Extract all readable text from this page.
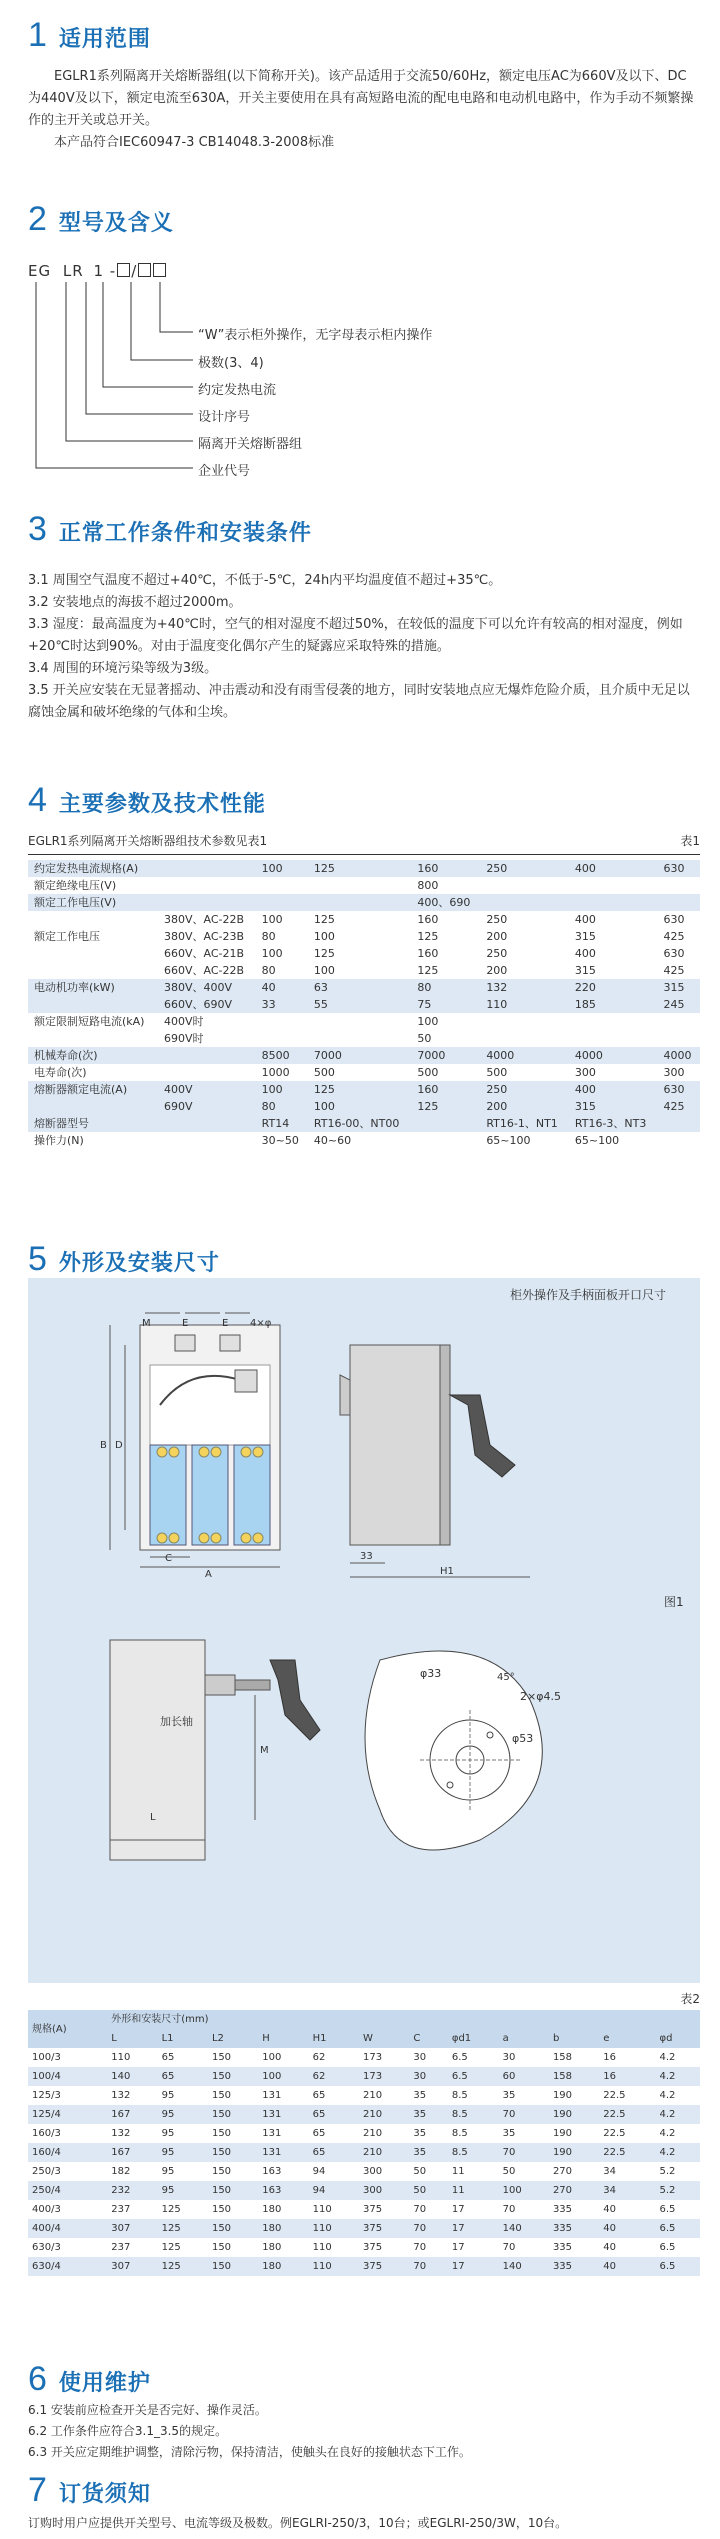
1 适用范围

EGLR1系列隔离开关熔断器组(以下简称开关)。该产品适用于交流50/60Hz，额定电压AC为660V及以下、DC为440V及以下，额定电流至630A，开关主要使用在具有高短路电流的配电电路和电动机电路中，作为手动不频繁操作的主开关或总开关。

本产品符合IEC60947-3 CB14048.3-2008标准

2 型号及含义
EG LR 1 - /
“W”表示柜外操作，无字母表示柜内操作
极数(3、4)
约定发热电流
设计序号
隔离开关熔断器组
企业代号
3 正常工作条件和安装条件

3.1 周围空气温度不超过+40℃，不低于-5℃，24h内平均温度值不超过+35℃。

3.2 安装地点的海拔不超过2000m。

3.3 湿度：最高温度为+40℃时，空气的相对湿度不超过50%，在较低的温度下可以允许有较高的相对湿度，例如+20℃时达到90%。对由于温度变化偶尔产生的疑露应采取特殊的措施。

3.4 周围的环境污染等级为3级。

3.5 开关应安装在无显著摇动、冲击震动和没有雨雪侵袭的地方，同时安装地点应无爆炸危险介质，且介质中无足以腐蚀金属和破坏绝缘的气体和尘埃。

4 主要参数及技术性能
EGLR1系列隔离开关熔断器组技术参数见表1	表1
约定发热电流规格(A)		100	125	160	250	400	630
额定绝缘电压(V)				800			
额定工作电压(V)				400、690			
	380V、AC-22B	100	125	160	250	400	630
额定工作电压	380V、AC-23B	80	100	125	200	315	425
	660V、AC-21B	100	125	160	250	400	630
	660V、AC-22B	80	100	125	200	315	425
电动机功率(kW)	380V、400V	40	63	80	132	220	315
	660V、690V	33	55	75	110	185	245
额定限制短路电流(kA)	400V时			100			
	690V时			50			
机械寿命(次)		8500	7000	7000	4000	4000	4000
电寿命(次)		1000	500	500	500	300	300
熔断器额定电流(A)	400V	100	125	160	250	400	630
	690V	80	100	125	200	315	425
熔断器型号		RT14	RT16-00、NT00		RT16-1、NT1	RT16-3、NT3	
操作力(N)		30~50	40~60		65~100	65~100	
5 外形及安装尺寸
柜外操作及手柄面板开口尺寸
图1
M	E	E 4×φ
B D
C
A
33
H1
加长轴
L
M
φ33	45°
2×φ4.5
φ53
表2
规格(A)	外形和安装尺寸(mm)											
	L	L1	L2	H	H1	W	C	φd1	a	b	e	φd
100/3	110	65	150	100	62	173	30	6.5	30	158	16	4.2
100/4	140	65	150	100	62	173	30	6.5	60	158	16	4.2
125/3	132	95	150	131	65	210	35	8.5	35	190	22.5	4.2
125/4	167	95	150	131	65	210	35	8.5	70	190	22.5	4.2
160/3	132	95	150	131	65	210	35	8.5	35	190	22.5	4.2
160/4	167	95	150	131	65	210	35	8.5	70	190	22.5	4.2
250/3	182	95	150	163	94	300	50	11	50	270	34	5.2
250/4	232	95	150	163	94	300	50	11	100	270	34	5.2
400/3	237	125	150	180	110	375	70	17	70	335	40	6.5
400/4	307	125	150	180	110	375	70	17	140	335	40	6.5
630/3	237	125	150	180	110	375	70	17	70	335	40	6.5
630/4	307	125	150	180	110	375	70	17	140	335	40	6.5
6 使用维护

6.1 安装前应检查开关是否完好、操作灵活。

6.2 工作条件应符合3.1_3.5的规定。

6.3 开关应定期维护调整，清除污物，保持清洁，使触头在良好的接触状态下工作。

7 订货须知
订购时用户应提供开关型号、电流等级及极数。例EGLRI-250/3，10台；或EGLRI-250/3W，10台。
